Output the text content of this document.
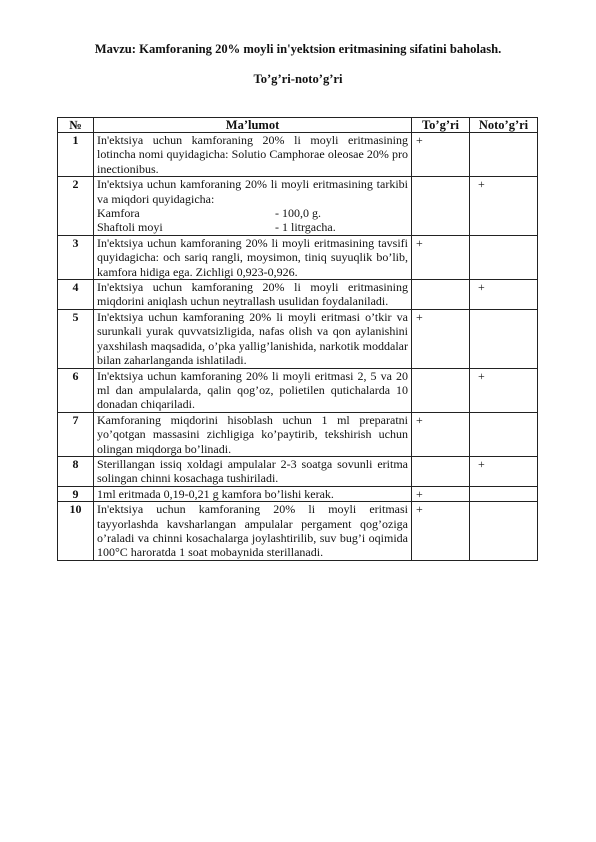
Mavzu: Kamforaning 20% moyli in'yektsion eritmasining sifatini baholash.
To’g’ri-noto’g’ri
№	Ma’lumot	To’g’ri	Noto’g’ri
1	In'ektsiya uchun kamforaning 20% li moyli eritmasining lotincha nomi quyidagicha: Solutio Camphorae oleosae 20% pro inectionibus.	+	
2	In'ektsiya uchun kamforaning 20% li moyli eritmasining tarkibi va miqdori quyidagicha:
Kamfora - 100,0 g.
Shaftoli moyi - 1 litrgacha.		+
3	In'ektsiya uchun kamforaning 20% li moyli eritmasining tavsifi quyidagicha: och sariq rangli, moysimon, tiniq suyuqlik bo’lib, kamfora hidiga ega. Zichligi 0,923-0,926.	+	
4	In'ektsiya uchun kamforaning 20% li moyli eritmasining miqdorini aniqlash uchun neytrallash usulidan foydalaniladi.		+
5	In'ektsiya uchun kamforaning 20% li moyli eritmasi o’tkir va surunkali yurak quvvatsizligida, nafas olish va qon aylanishini yaxshilash maqsadida, o’pka yallig’lanishida, narkotik moddalar bilan zaharlanganda ishlatiladi.	+	
6	In'ektsiya uchun kamforaning 20% li moyli eritmasi 2, 5 va 20 ml dan ampulalarda, qalin qog’oz, polietilen qutichalarda 10 donadan chiqariladi.		+
7	Kamforaning miqdorini hisoblash uchun 1 ml preparatni yo’qotgan massasini zichligiga ko’paytirib, tekshirish uchun olingan miqdorga bo’linadi.	+	
8	Sterillangan issiq xoldagi ampulalar 2-3 soatga sovunli eritma solingan chinni kosachaga tushiriladi.		+
9	1ml eritmada 0,19-0,21 g kamfora bo’lishi kerak.	+	
10	In'ektsiya uchun kamforaning 20% li moyli eritmasi tayyorlashda kavsharlangan ampulalar pergament qog’oziga o’raladi va chinni kosachalarga joylashtirilib, suv bug’i oqimida 100°C haroratda 1 soat mobaynida sterillanadi.	+	
